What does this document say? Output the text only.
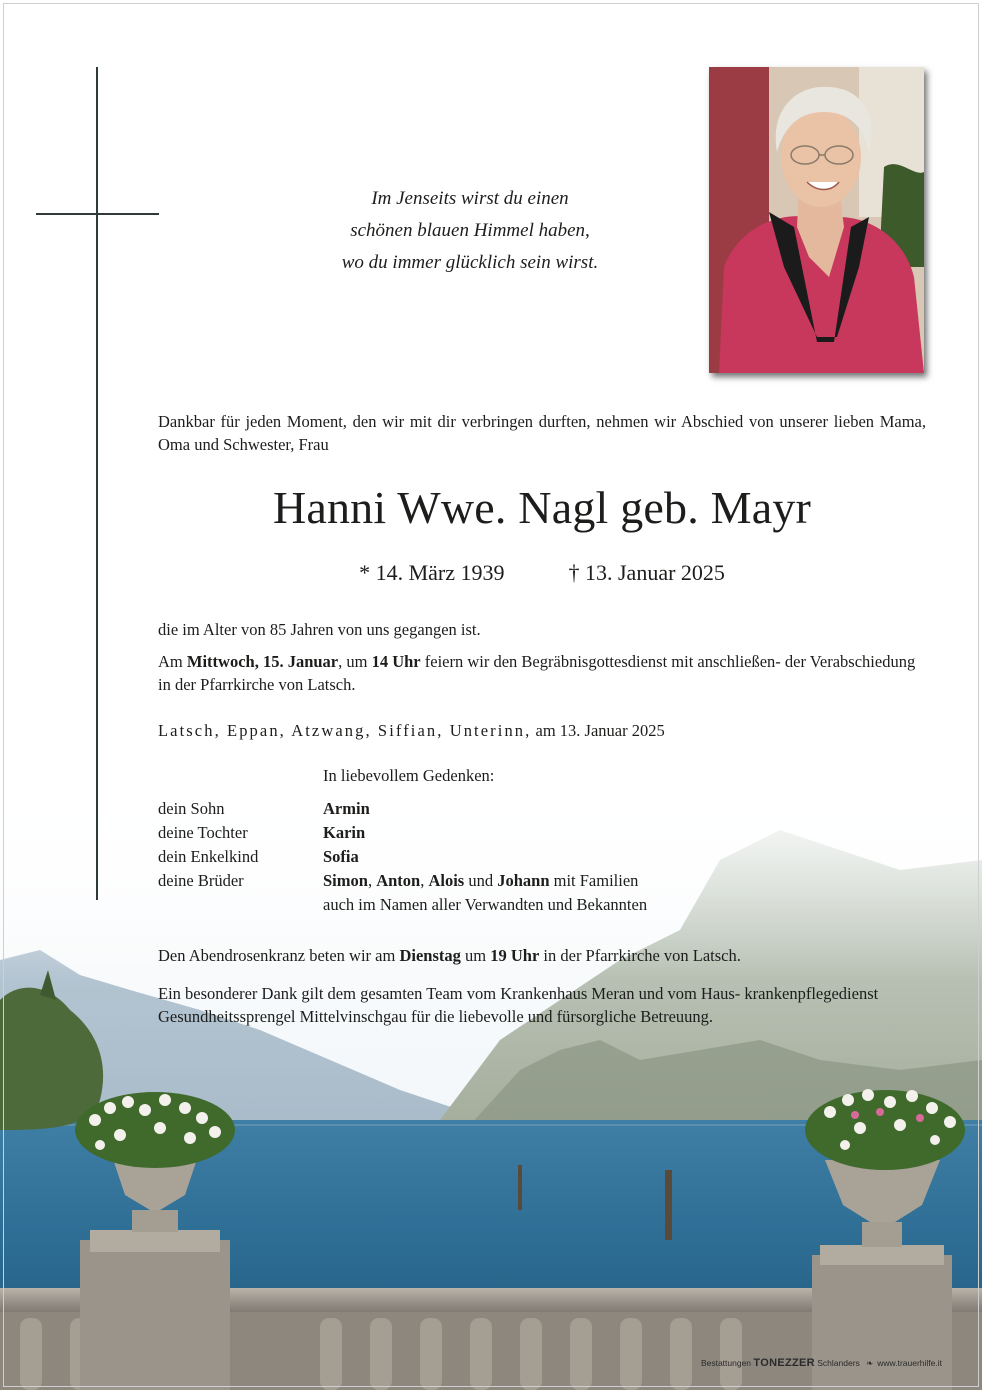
Im Jenseits wirst du einen
schönen blauen Himmel haben,
wo du immer glücklich sein wirst.
Dankbar für jeden Moment, den wir mit dir verbringen durften, nehmen wir Abschied von unserer lieben Mama, Oma und Schwester, Frau
Hanni Wwe. Nagl geb. Mayr
* 14. März 1939	† 13. Januar 2025
die im Alter von 85 Jahren von uns gegangen ist.
Am Mittwoch, 15. Januar, um 14 Uhr feiern wir den Begräbnisgottesdienst mit anschließen- der Verabschiedung in der Pfarrkirche von Latsch.
Latsch, Eppan, Atzwang, Siffian, Unterinn, am 13. Januar 2025
In liebevollem Gedenken:
dein Sohn	Armin
deine Tochter	Karin
dein Enkelkind	Sofia
deine Brüder	Simon, Anton, Alois und Johann mit Familien
auch im Namen aller Verwandten und Bekannten
Den Abendrosenkranz beten wir am Dienstag um 19 Uhr in der Pfarrkirche von Latsch.
Ein besonderer Dank gilt dem gesamten Team vom Krankenhaus Meran und vom Haus- krankenpflegedienst Gesundheitssprengel Mittelvinschgau für die liebevolle und fürsorgliche Betreuung.
Bestattungen TONEZZER Schlanders ❧ www.trauerhilfe.it
